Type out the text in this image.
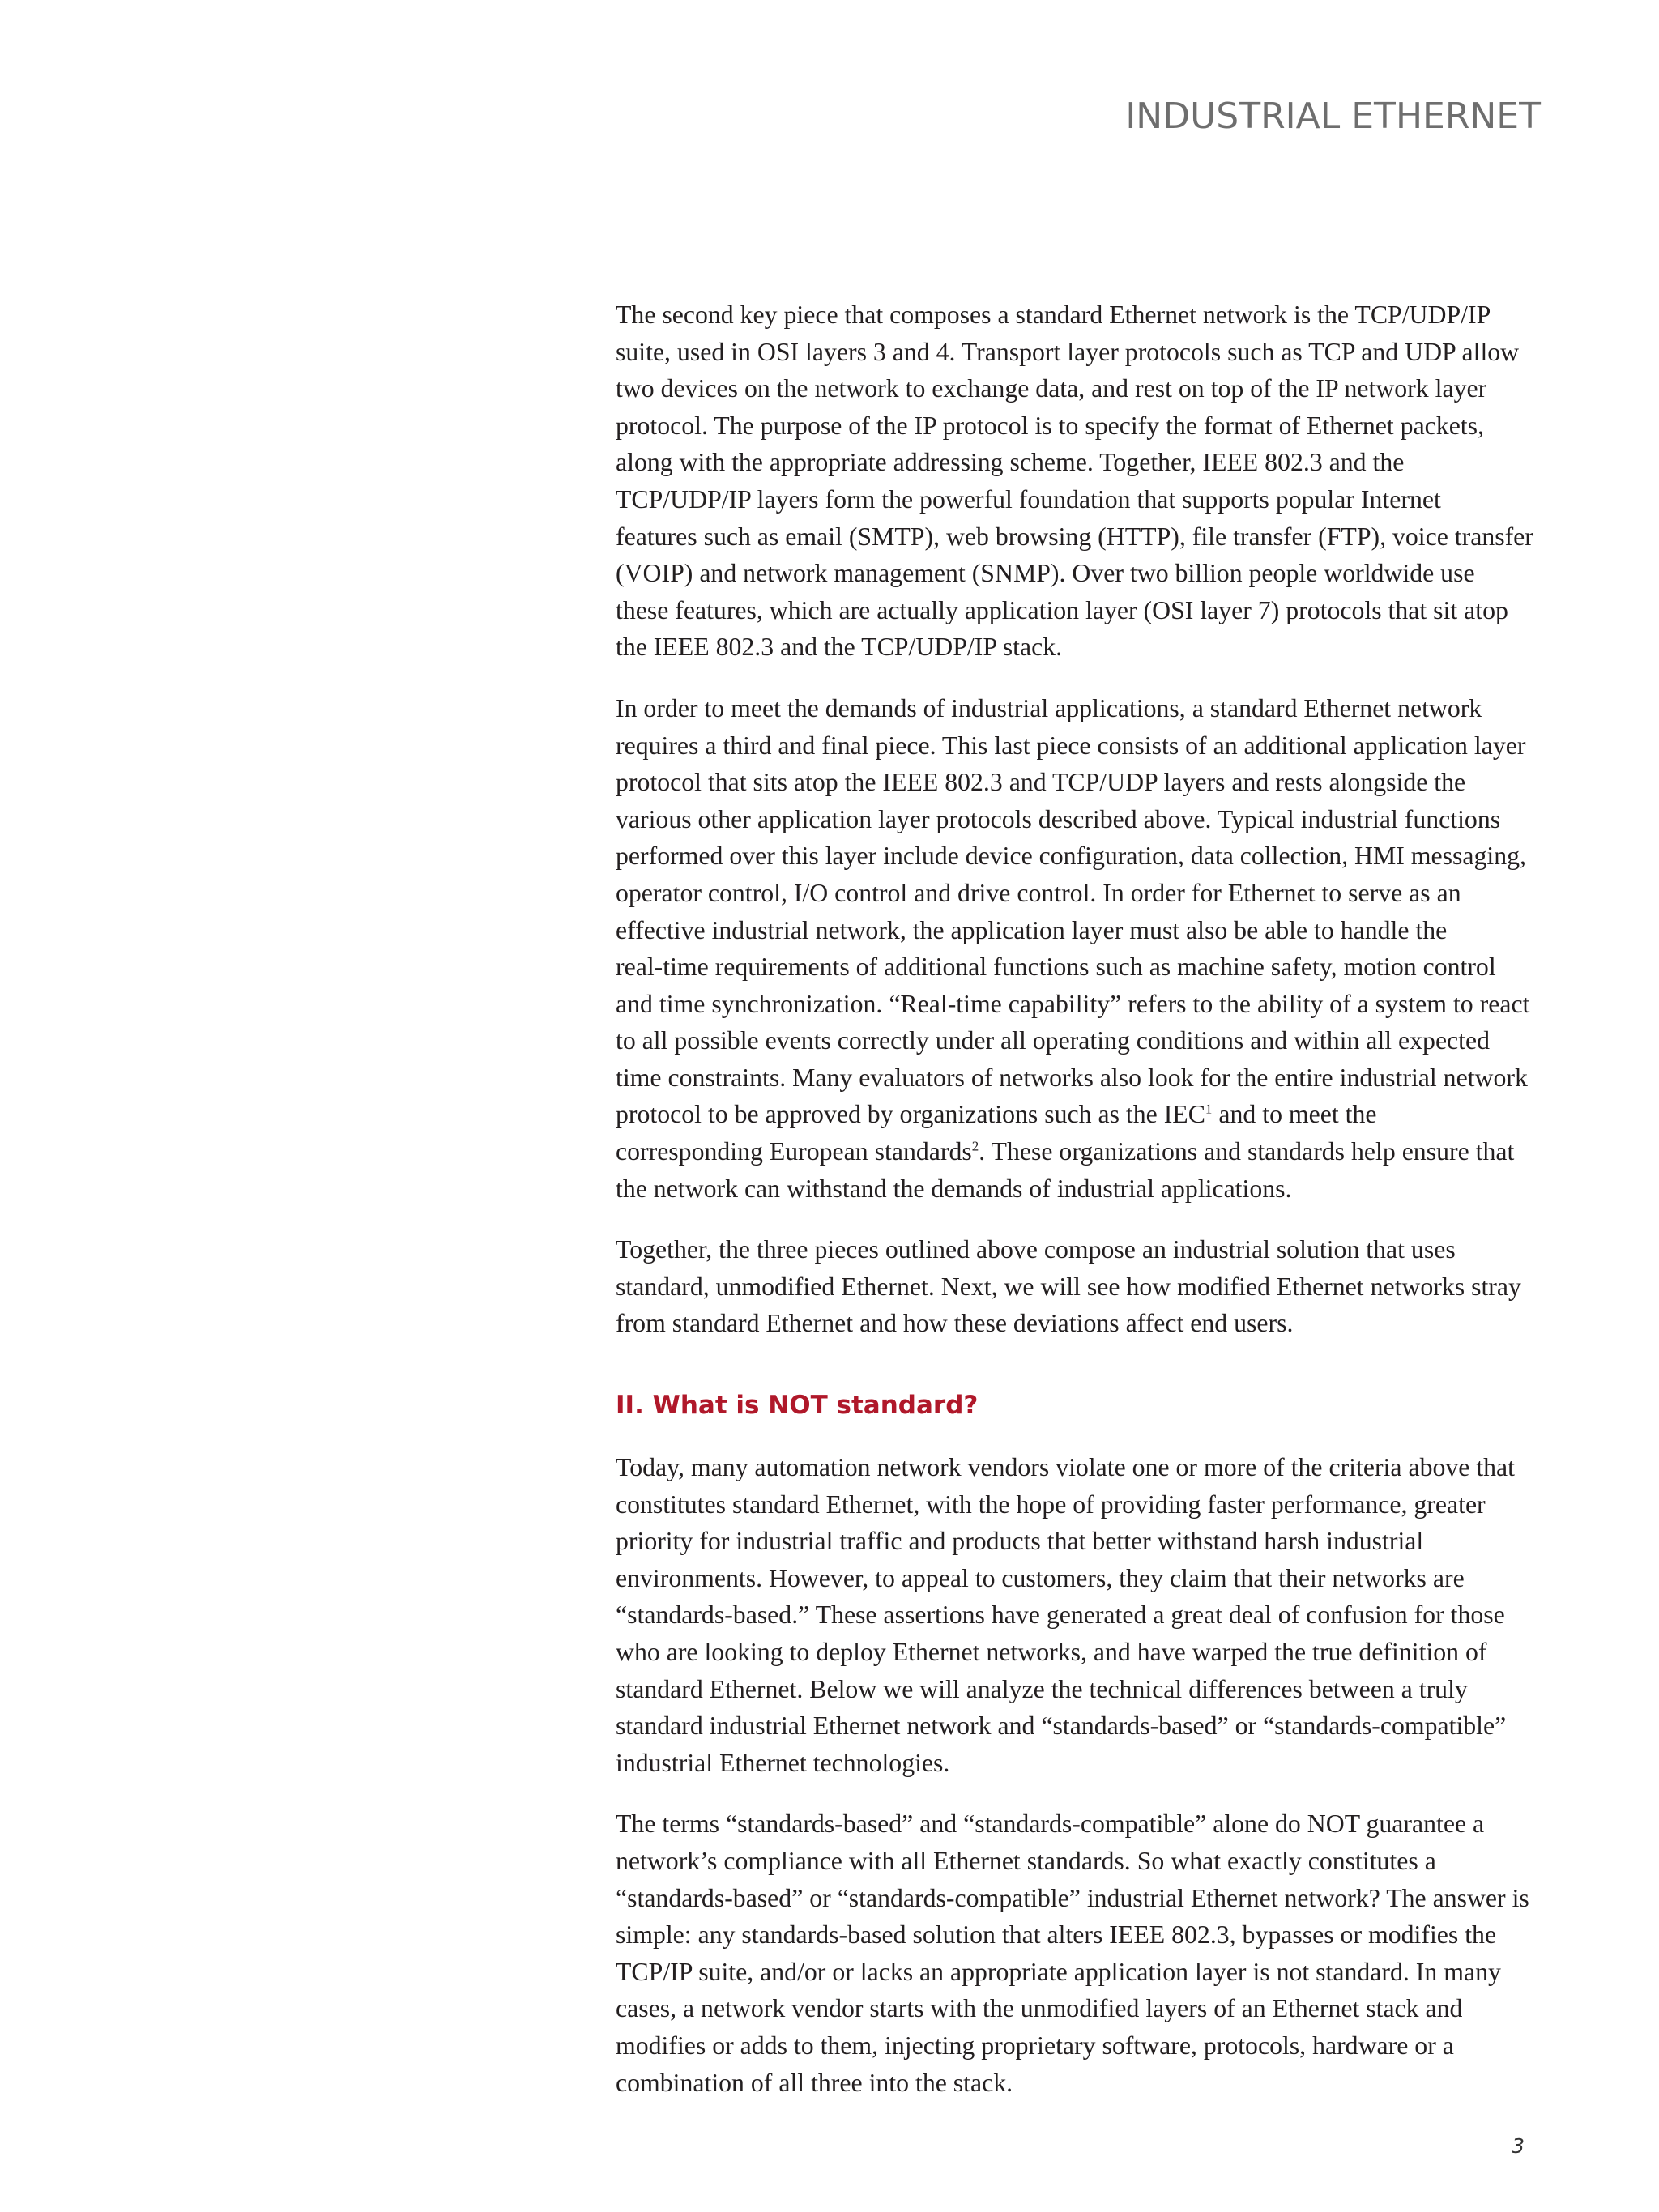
INDUSTRIAL ETHERNET
The second key piece that composes a standard Ethernet network is the TCP/UDP/IP
suite, used in OSI layers 3 and 4. Transport layer protocols such as TCP and UDP allow
two devices on the network to exchange data, and rest on top of the IP network layer
protocol. The purpose of the IP protocol is to specify the format of Ethernet packets,
along with the appropriate addressing scheme. Together, IEEE 802.3 and the
TCP/UDP/IP layers form the powerful foundation that supports popular Internet
features such as email (SMTP), web browsing (HTTP), file transfer (FTP), voice transfer
(VOIP) and network management (SNMP). Over two billion people worldwide use
these features, which are actually application layer (OSI layer 7) protocols that sit atop
the IEEE 802.3 and the TCP/UDP/IP stack.
In order to meet the demands of industrial applications, a standard Ethernet network
requires a third and final piece. This last piece consists of an additional application layer
protocol that sits atop the IEEE 802.3 and TCP/UDP layers and rests alongside the
various other application layer protocols described above. Typical industrial functions
performed over this layer include device configuration, data collection, HMI messaging,
operator control, I/O control and drive control. In order for Ethernet to serve as an
effective industrial network, the application layer must also be able to handle the
real-time requirements of additional functions such as machine safety, motion control
and time synchronization. “Real-time capability” refers to the ability of a system to react
to all possible events correctly under all operating conditions and within all expected
time constraints. Many evaluators of networks also look for the entire industrial network
protocol to be approved by organizations such as the IEC$^1$ and to meet the
corresponding European standards$^2$. These organizations and standards help ensure that
the network can withstand the demands of industrial applications.
Together, the three pieces outlined above compose an industrial solution that uses
standard, unmodified Ethernet. Next, we will see how modified Ethernet networks stray
from standard Ethernet and how these deviations affect end users.
II. What is NOT standard?
Today, many automation network vendors violate one or more of the criteria above that
constitutes standard Ethernet, with the hope of providing faster performance, greater
priority for industrial traffic and products that better withstand harsh industrial
environments. However, to appeal to customers, they claim that their networks are
“standards-based.” These assertions have generated a great deal of confusion for those
who are looking to deploy Ethernet networks, and have warped the true definition of
standard Ethernet. Below we will analyze the technical differences between a truly
standard industrial Ethernet network and “standards-based” or “standards-compatible”
industrial Ethernet technologies.
The terms “standards-based” and “standards-compatible” alone do NOT guarantee a
network’s compliance with all Ethernet standards. So what exactly constitutes a
“standards-based” or “standards-compatible” industrial Ethernet network? The answer is
simple: any standards-based solution that alters IEEE 802.3, bypasses or modifies the
TCP/IP suite, and/or or lacks an appropriate application layer is not standard. In many
cases, a network vendor starts with the unmodified layers of an Ethernet stack and
modifies or adds to them, injecting proprietary software, protocols, hardware or a
combination of all three into the stack.
3
